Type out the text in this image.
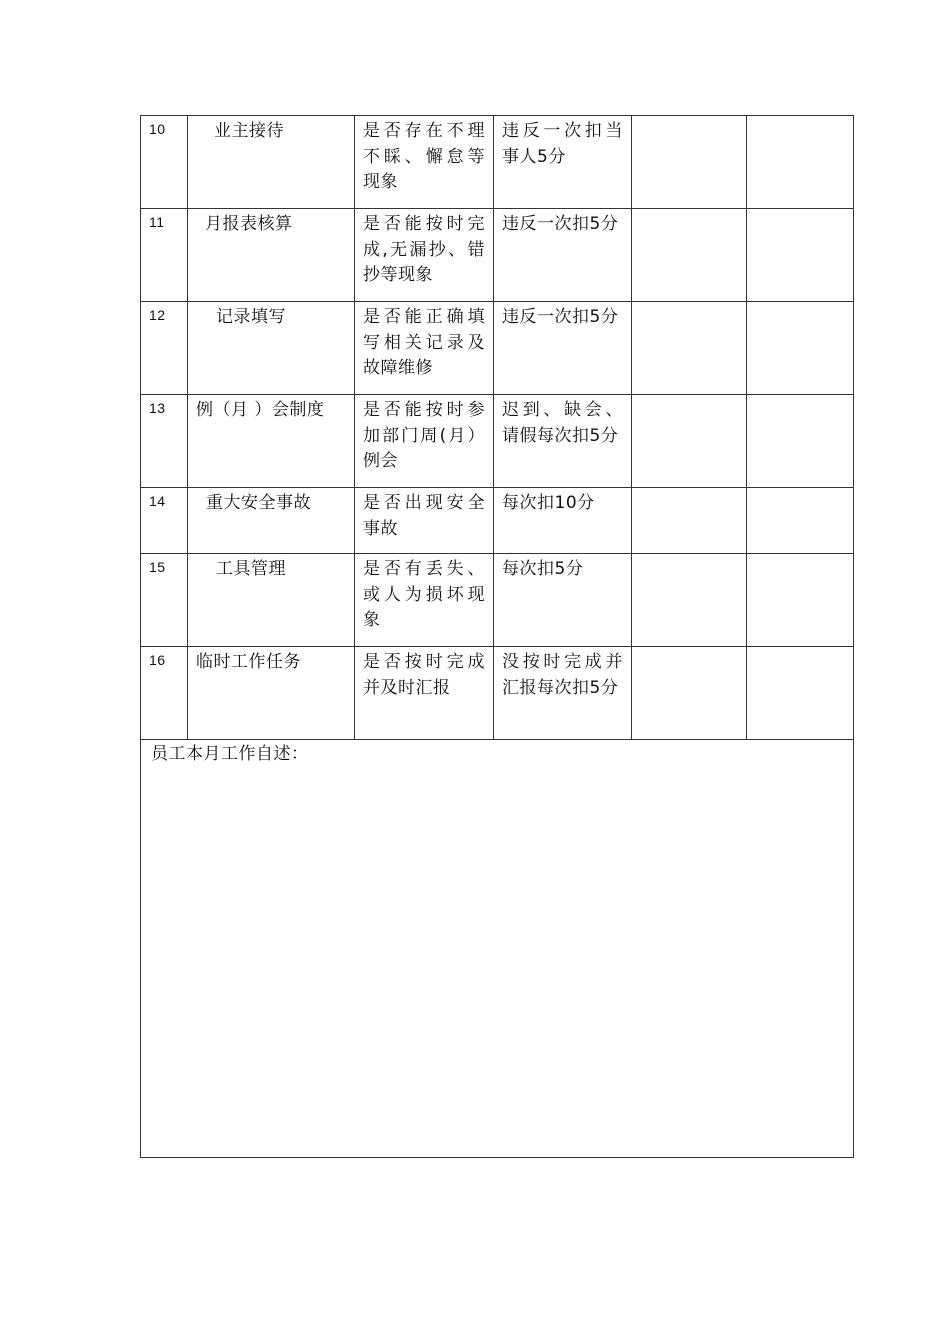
10	业主接待	是否存在不理不睬、懈怠等现象	违反一次扣当事人5分		
11	月报表核算	是否能按时完成,无漏抄、错抄等现象	违反一次扣5分		
12	记录填写	是否能正确填写相关记录及故障维修	违反一次扣5分		
13	例（月 ）会制度	是否能按时参加部门周(月）例会	迟到、缺会、请假每次扣5分		
14	重大安全事故	是否出现安全事故	每次扣10分		
15	工具管理	是否有丢失、或人为损坏现象	每次扣5分		
16	临时工作任务	是否按时完成并及时汇报	没按时完成并汇报每次扣5分		
员工本月工作自述：					
